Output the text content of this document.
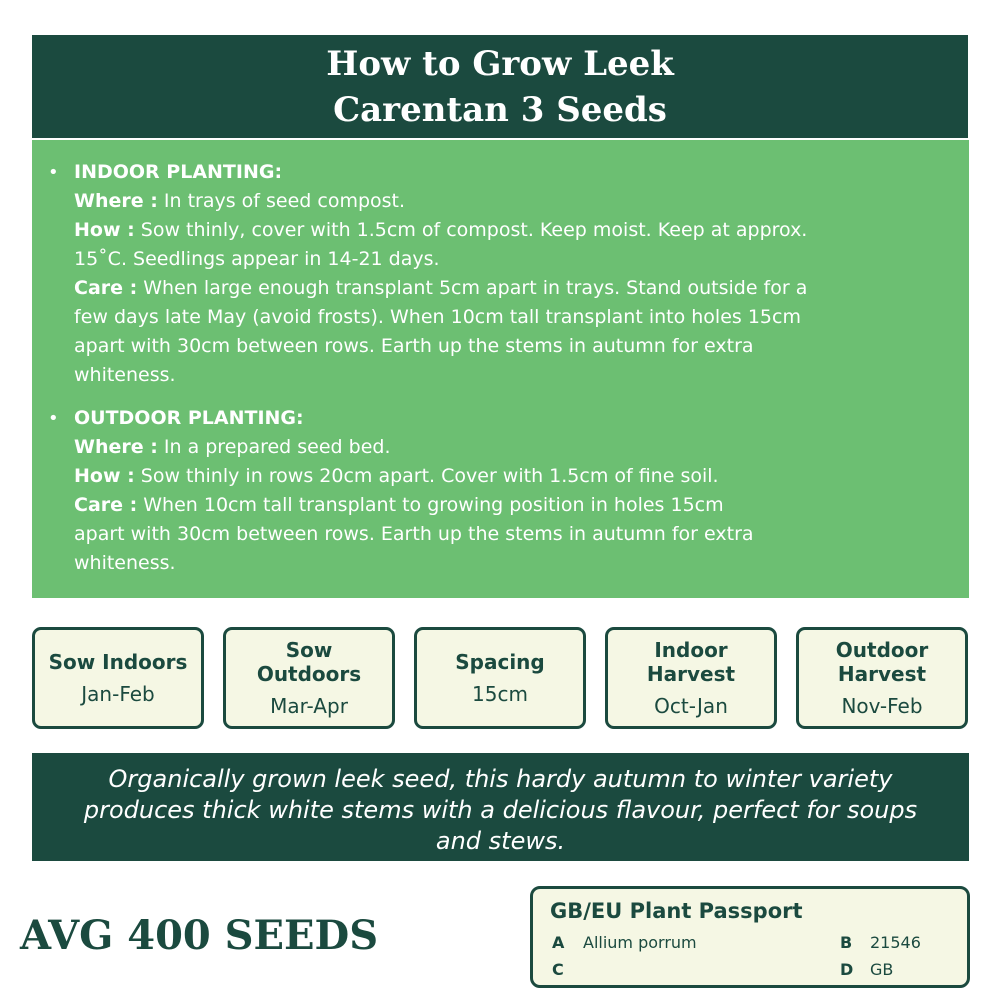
How to Grow Leek
Carentan 3 Seeds
• INDOOR PLANTING:
Where : In trays of seed compost.
How : Sow thinly, cover with 1.5cm of compost. Keep moist. Keep at approx.
15˚C. Seedlings appear in 14-21 days.
Care : When large enough transplant 5cm apart in trays. Stand outside for a
few days late May (avoid frosts). When 10cm tall transplant into holes 15cm
apart with 30cm between rows. Earth up the stems in autumn for extra
whiteness.
• OUTDOOR PLANTING:
Where : In a prepared seed bed.
How : Sow thinly in rows 20cm apart. Cover with 1.5cm of fine soil.
Care : When 10cm tall transplant to growing position in holes 15cm
apart with 30cm between rows. Earth up the stems in autumn for extra
whiteness.
Sow Indoors
Jan-Feb
Sow
Outdoors
Mar-Apr
Spacing
15cm
Indoor
Harvest
Oct-Jan
Outdoor
Harvest
Nov-Feb
Organically grown leek seed, this hardy autumn to winter variety
produces thick white stems with a delicious flavour, perfect for soups
and stews.
AVG 400 SEEDS
GB/EU Plant Passport
A Allium porrum	B 21546
C	D GB
